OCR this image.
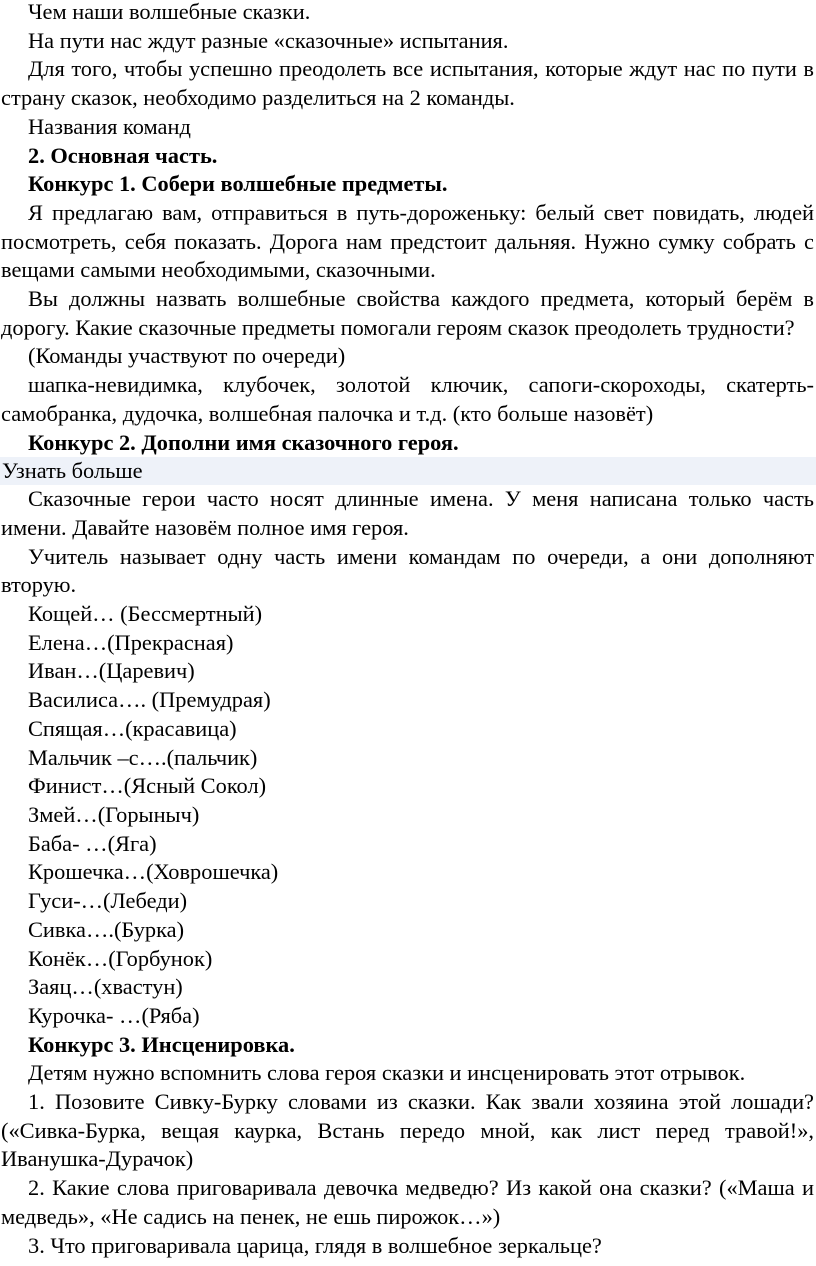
Чем наши волшебные сказки.

На пути нас ждут разные «сказочные» испытания.

Для того, чтобы успешно преодолеть все испытания, которые ждут нас по пути в страну сказок, необходимо разделиться на 2 команды.

Названия команд

2. Основная часть.

Конкурс 1. Собери волшебные предметы.

Я предлагаю вам, отправиться в путь-дороженьку: белый свет повидать, людей посмотреть, себя показать. Дорога нам предстоит дальняя. Нужно сумку собрать с вещами самыми необходимыми, сказочными.

Вы должны назвать волшебные свойства каждого предмета, который берём в дорогу. Какие сказочные предметы помогали героям сказок преодолеть трудности?

(Команды участвуют по очереди)

шапка-невидимка, клубочек, золотой ключик, сапоги-скороходы, скатерть-самобранка, дудочка, волшебная палочка и т.д. (кто больше назовёт)

Конкурс 2. Дополни имя сказочного героя.

Узнать больше

Сказочные герои часто носят длинные имена. У меня написана только часть имени. Давайте назовём полное имя героя.

Учитель называет одну часть имени командам по очереди, а они дополняют вторую.

Кощей… (Бессмертный)

Елена…(Прекрасная)

Иван…(Царевич)

Василиса…. (Премудрая)

Спящая…(красавица)

Мальчик –с….(пальчик)

Финист…(Ясный Сокол)

Змей…(Горыныч)

Баба- …(Яга)

Крошечка…(Ховрошечка)

Гуси-…(Лебеди)

Сивка….(Бурка)

Конёк…(Горбунок)

Заяц…(хвастун)

Курочка- …(Ряба)

Конкурс 3. Инсценировка.

Детям нужно вспомнить слова героя сказки и инсценировать этот отрывок.

1. Позовите Сивку-Бурку словами из сказки. Как звали хозяина этой лошади? («Сивка-Бурка, вещая каурка, Встань передо мной, как лист перед травой!», Иванушка-Дурачок)

2. Какие слова приговаривала девочка медведю? Из какой она сказки? («Маша и медведь», «Не садись на пенек, не ешь пирожок…»)

3. Что приговаривала царица, глядя в волшебное зеркальце?
